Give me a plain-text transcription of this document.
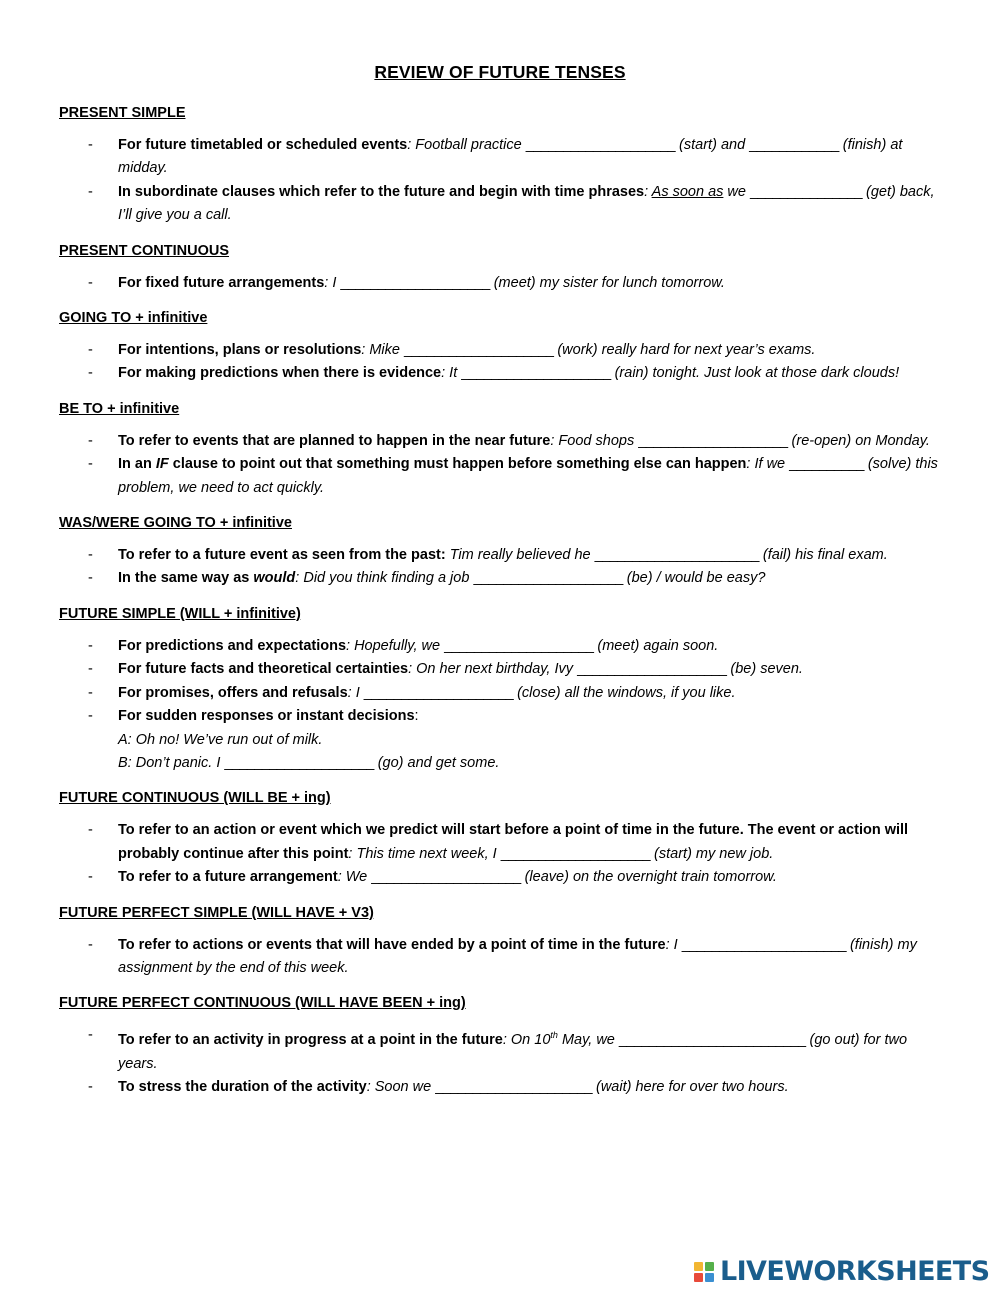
REVIEW OF FUTURE TENSES
PRESENT SIMPLE
- For future timetabled or scheduled events: Football practice ____________________ (start) and ____________ (finish) at midday.
- In subordinate clauses which refer to the future and begin with time phrases: As soon as we _______________ (get) back, I’ll give you a call.
PRESENT CONTINUOUS
- For fixed future arrangements: I ____________________ (meet) my sister for lunch tomorrow.
GOING TO + infinitive
- For intentions, plans or resolutions: Mike ____________________ (work) really hard for next year’s exams.
- For making predictions when there is evidence: It ____________________ (rain) tonight. Just look at those dark clouds!
BE TO + infinitive
- To refer to events that are planned to happen in the near future: Food shops ____________________ (re-open) on Monday.
- In an IF clause to point out that something must happen before something else can happen: If we __________ (solve) this problem, we need to act quickly.
WAS/WERE GOING TO + infinitive
- To refer to a future event as seen from the past: Tim really believed he ______________________ (fail) his final exam.
- In the same way as would: Did you think finding a job ____________________ (be) / would be easy?
FUTURE SIMPLE (WILL + infinitive)
- For predictions and expectations: Hopefully, we ____________________ (meet) again soon.
- For future facts and theoretical certainties: On her next birthday, Ivy ____________________ (be) seven.
- For promises, offers and refusals: I ____________________ (close) all the windows, if you like.
- For sudden responses or instant decisions:
A: Oh no! We’ve run out of milk.
B: Don’t panic. I ____________________ (go) and get some.
FUTURE CONTINUOUS (WILL BE + ing)
- To refer to an action or event which we predict will start before a point of time in the future. The event or action will probably continue after this point: This time next week, I ____________________ (start) my new job.
- To refer to a future arrangement: We ____________________ (leave) on the overnight train tomorrow.
FUTURE PERFECT SIMPLE (WILL HAVE + V3)
- To refer to actions or events that will have ended by a point of time in the future: I ______________________ (finish) my assignment by the end of this week.
FUTURE PERFECT CONTINUOUS (WILL HAVE BEEN + ing)
- To refer to an activity in progress at a point in the future: On 10th May, we _________________________ (go out) for two years.
- To stress the duration of the activity: Soon we _____________________ (wait) here for over two hours.
LIVEWORKSHEETS
